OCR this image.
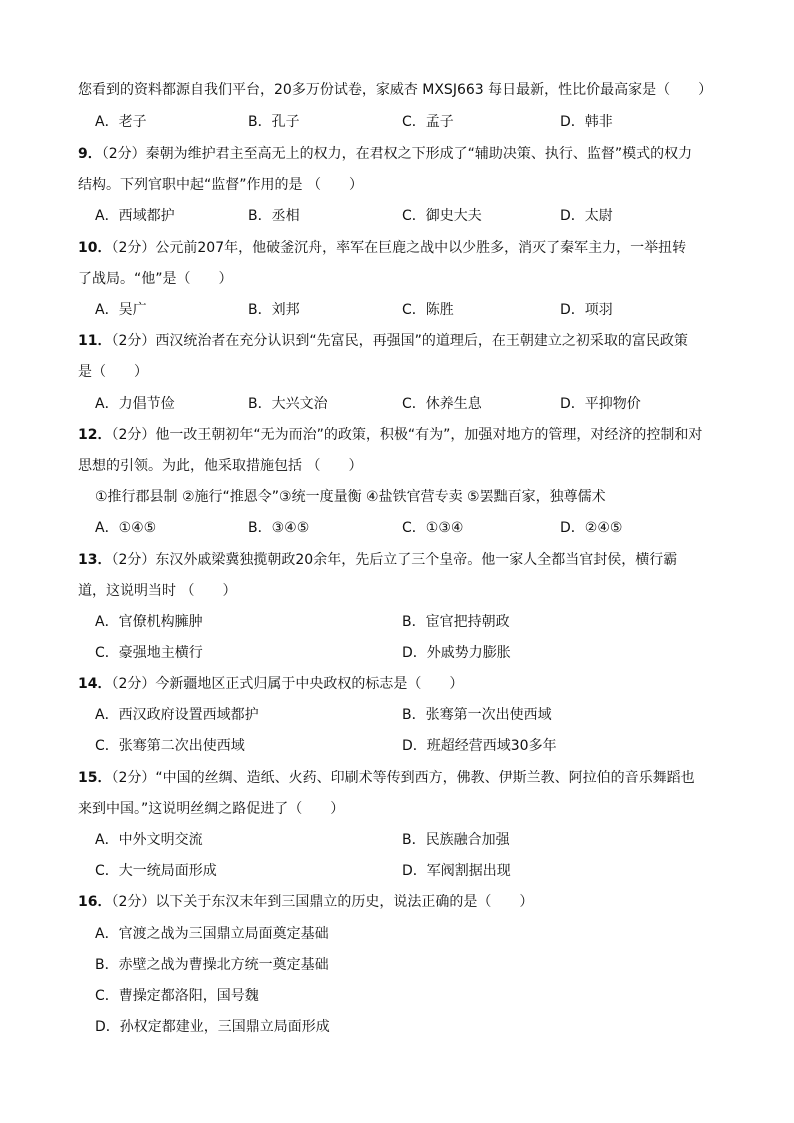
您看到的资料都源自我们平台，20多万份试卷，家威杏 MXSJ663 每日最新，性比价最高家是（　　）
A．老子	B．孔子	C．孟子	D．韩非
9．（2分）秦朝为维护君主至高无上的权力，在君权之下形成了“辅助决策、执行、监督”模式的权力
结构。下列官职中起“监督”作用的是 （　　）
A．西域都护	B．丞相	C．御史大夫	D．太尉
10．（2分）公元前207年，他破釜沉舟，率军在巨鹿之战中以少胜多，消灭了秦军主力，一举扭转
了战局。“他”是（　　）
A．吴广	B．刘邦	C．陈胜	D．项羽
11．（2分）西汉统治者在充分认识到“先富民，再强国”的道理后，在王朝建立之初采取的富民政策
是（　　）
A．力倡节俭	B．大兴文治	C．休养生息	D．平抑物价
12．（2分）他一改王朝初年“无为而治”的政策，积极“有为”，加强对地方的管理，对经济的控制和对
思想的引领。为此，他采取措施包括 （　　）
①推行郡县制 ②施行“推恩令”③统一度量衡 ④盐铁官营专卖 ⑤罢黜百家，独尊儒术
A．①④⑤	B．③④⑤	C．①③④	D．②④⑤
13．（2分）东汉外戚梁冀独揽朝政20余年，先后立了三个皇帝。他一家人全都当官封侯，横行霸
道，这说明当时 （　　）
A．官僚机构臃肿	B．宦官把持朝政
C．豪强地主横行	D．外戚势力膨胀
14．（2分）今新疆地区正式归属于中央政权的标志是（　　）
A．西汉政府设置西域都护	B．张骞第一次出使西域
C．张骞第二次出使西域	D．班超经营西域30多年
15．（2分）“中国的丝绸、造纸、火药、印刷术等传到西方，佛教、伊斯兰教、阿拉伯的音乐舞蹈也
来到中国。”这说明丝绸之路促进了（　　）
A．中外文明交流	B．民族融合加强
C．大一统局面形成	D．军阀割据出现
16．（2分）以下关于东汉末年到三国鼎立的历史，说法正确的是（　　）
A．官渡之战为三国鼎立局面奠定基础
B．赤壁之战为曹操北方统一奠定基础
C．曹操定都洛阳，国号魏
D．孙权定都建业，三国鼎立局面形成
